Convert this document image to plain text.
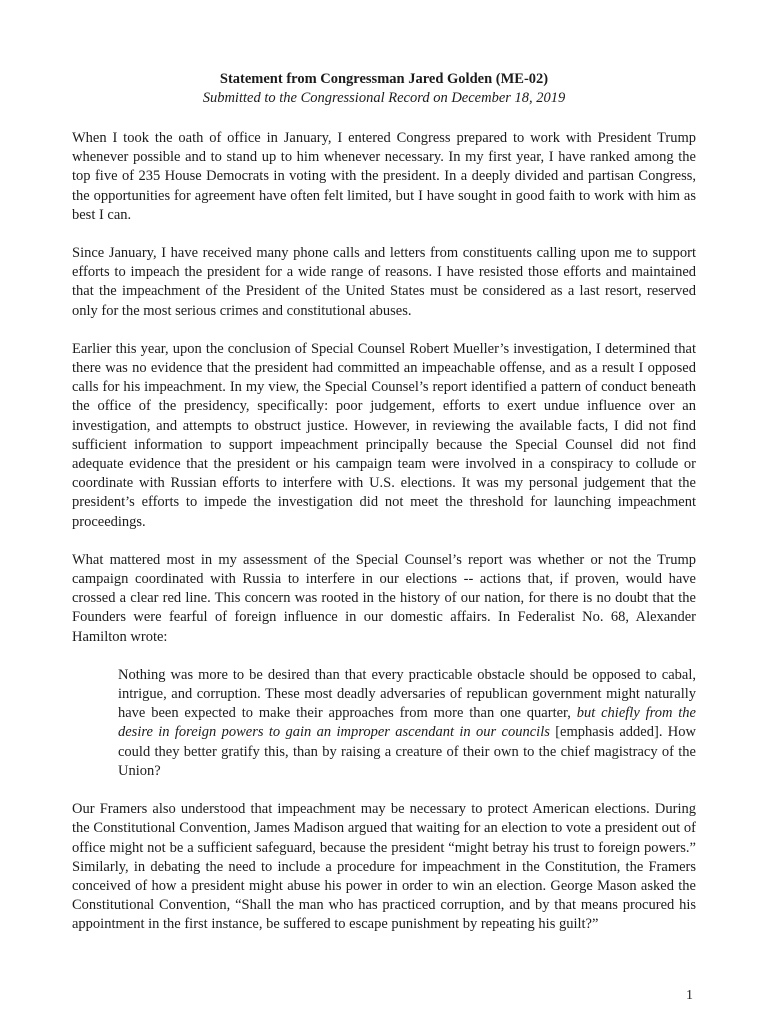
Statement from Congressman Jared Golden (ME-02)
Submitted to the Congressional Record on December 18, 2019

When I took the oath of office in January, I entered Congress prepared to work with President Trump whenever possible and to stand up to him whenever necessary. In my first year, I have ranked among the top five of 235 House Democrats in voting with the president. In a deeply divided and partisan Congress, the opportunities for agreement have often felt limited, but I have sought in good faith to work with him as best I can.

Since January, I have received many phone calls and letters from constituents calling upon me to support efforts to impeach the president for a wide range of reasons. I have resisted those efforts and maintained that the impeachment of the President of the United States must be considered as a last resort, reserved only for the most serious crimes and constitutional abuses.

Earlier this year, upon the conclusion of Special Counsel Robert Mueller’s investigation, I determined that there was no evidence that the president had committed an impeachable offense, and as a result I opposed calls for his impeachment. In my view, the Special Counsel’s report identified a pattern of conduct beneath the office of the presidency, specifically: poor judgement, efforts to exert undue influence over an investigation, and attempts to obstruct justice. However, in reviewing the available facts, I did not find sufficient information to support impeachment principally because the Special Counsel did not find adequate evidence that the president or his campaign team were involved in a conspiracy to collude or coordinate with Russian efforts to interfere with U.S. elections. It was my personal judgement that the president’s efforts to impede the investigation did not meet the threshold for launching impeachment proceedings.

What mattered most in my assessment of the Special Counsel’s report was whether or not the Trump campaign coordinated with Russia to interfere in our elections -- actions that, if proven, would have crossed a clear red line. This concern was rooted in the history of our nation, for there is no doubt that the Founders were fearful of foreign influence in our domestic affairs. In Federalist No. 68, Alexander Hamilton wrote:

Nothing was more to be desired than that every practicable obstacle should be opposed to cabal, intrigue, and corruption. These most deadly adversaries of republican government might naturally have been expected to make their approaches from more than one quarter, but chiefly from the desire in foreign powers to gain an improper ascendant in our councils [emphasis added]. How could they better gratify this, than by raising a creature of their own to the chief magistracy of the Union?

Our Framers also understood that impeachment may be necessary to protect American elections. During the Constitutional Convention, James Madison argued that waiting for an election to vote a president out of office might not be a sufficient safeguard, because the president “might betray his trust to foreign powers.” Similarly, in debating the need to include a procedure for impeachment in the Constitution, the Framers conceived of how a president might abuse his power in order to win an election. George Mason asked the Constitutional Convention, “Shall the man who has practiced corruption, and by that means procured his appointment in the first instance, be suffered to escape punishment by repeating his guilt?”

1
